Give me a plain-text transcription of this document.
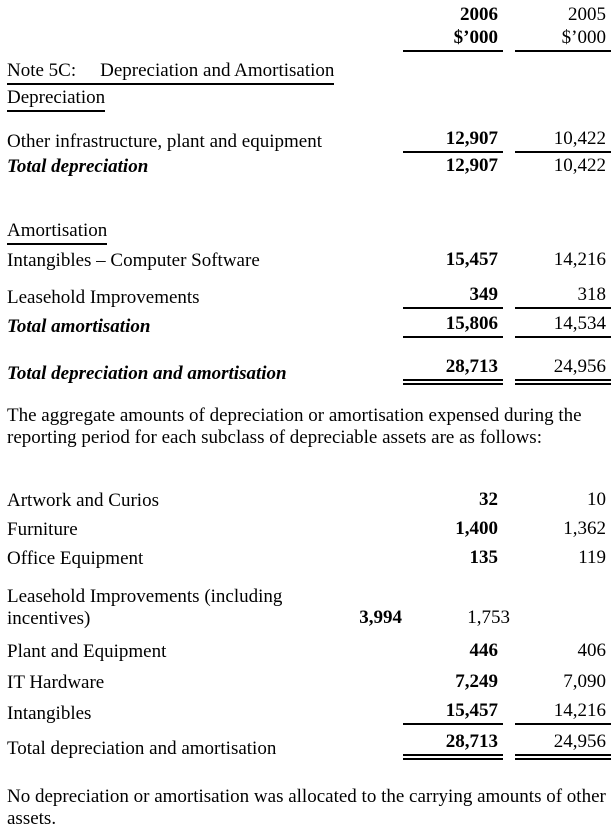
2006	2005
$’000	$’000
Note 5C: Depreciation and Amortisation
Depreciation
Other infrastructure, plant and equipment	12,907	10,422
Total depreciation	12,907	10,422
Amortisation
Intangibles – Computer Software	15,457	14,216
Leasehold Improvements	349	318
Total amortisation	15,806	14,534
Total depreciation and amortisation	28,713	24,956

The aggregate amounts of depreciation or amortisation expensed during the reporting period for each subclass of depreciable assets are as follows:

Artwork and Curios	32	10
Furniture	1,400	1,362
Office Equipment	135	119
Leasehold Improvements (including incentives)	3,994	1,753
Plant and Equipment	446	406
IT Hardware	7,249	7,090
Intangibles	15,457	14,216
Total depreciation and amortisation	28,713	24,956

No depreciation or amortisation was allocated to the carrying amounts of other assets.
